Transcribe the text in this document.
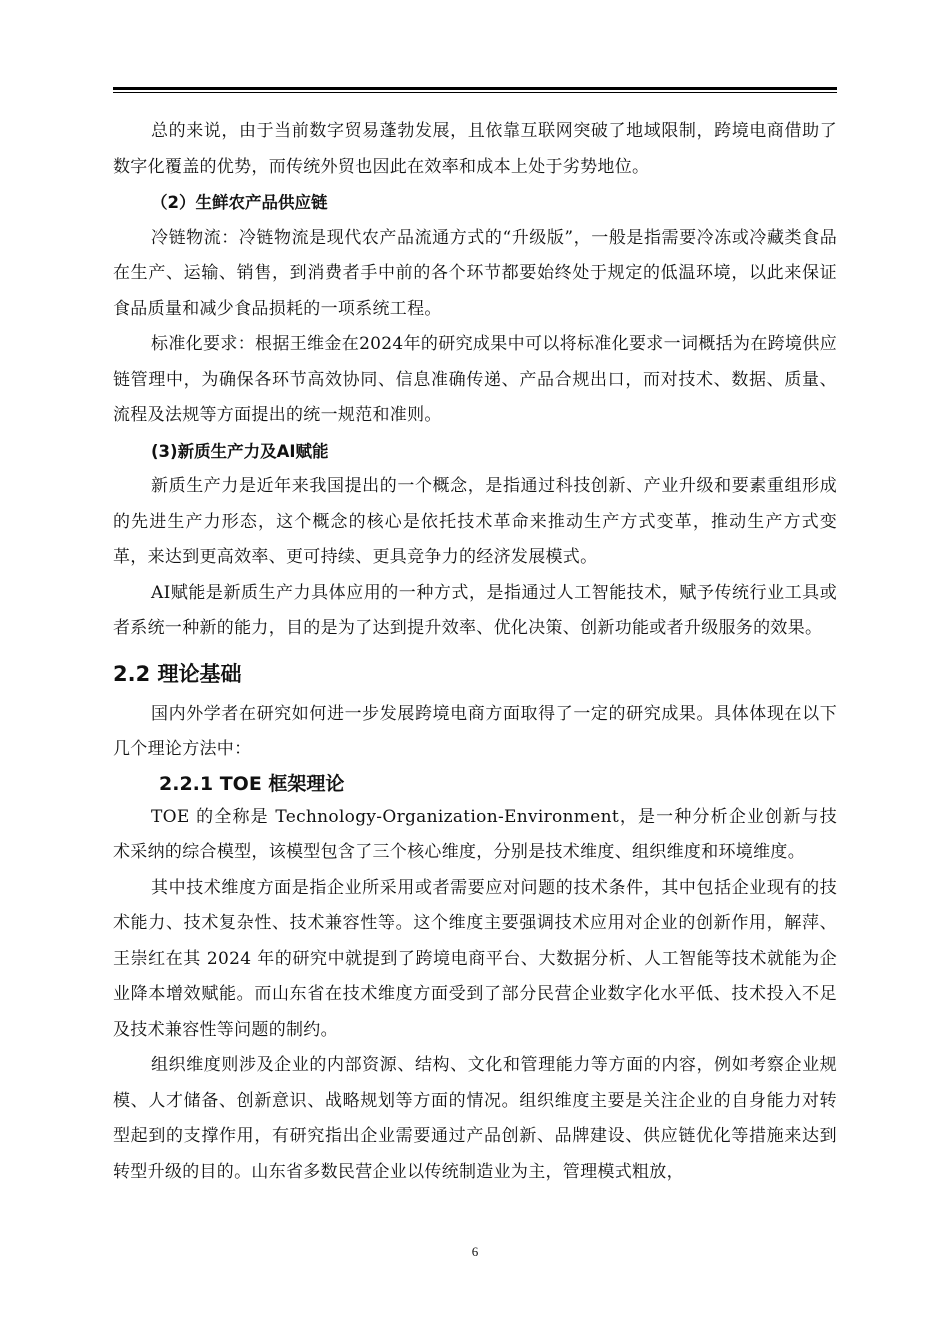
总的来说，由于当前数字贸易蓬勃发展，且依靠互联网突破了地域限制，跨境电商借助了数字化覆盖的优势，而传统外贸也因此在效率和成本上处于劣势地位。

（2）生鲜农产品供应链

冷链物流：冷链物流是现代农产品流通方式的“升级版”，一般是指需要冷冻或冷藏类食品在生产、运输、销售，到消费者手中前的各个环节都要始终处于规定的低温环境，以此来保证食品质量和减少食品损耗的一项系统工程。

标准化要求：根据王维金在2024年的研究成果中可以将标准化要求一词概括为在跨境供应链管理中，为确保各环节高效协同、信息准确传递、产品合规出口，而对技术、数据、质量、流程及法规等方面提出的统一规范和准则。

(3)新质生产力及AI赋能

新质生产力是近年来我国提出的一个概念，是指通过科技创新、产业升级和要素重组形成的先进生产力形态，这个概念的核心是依托技术革命来推动生产方式变革，推动生产方式变革，来达到更高效率、更可持续、更具竞争力的经济发展模式。

AI赋能是新质生产力具体应用的一种方式，是指通过人工智能技术，赋予传统行业工具或者系统一种新的能力，目的是为了达到提升效率、优化决策、创新功能或者升级服务的效果。

2.2 理论基础

国内外学者在研究如何进一步发展跨境电商方面取得了一定的研究成果。具体体现在以下几个理论方法中：

2.2.1 TOE 框架理论

TOE 的全称是 Technology-Organization-Environment，是一种分析企业创新与技术采纳的综合模型，该模型包含了三个核心维度，分别是技术维度、组织维度和环境维度。

其中技术维度方面是指企业所采用或者需要应对问题的技术条件，其中包括企业现有的技术能力、技术复杂性、技术兼容性等。这个维度主要强调技术应用对企业的创新作用，解萍、王崇红在其 2024 年的研究中就提到了跨境电商平台、大数据分析、人工智能等技术就能为企业降本增效赋能。而山东省在技术维度方面受到了部分民营企业数字化水平低、技术投入不足及技术兼容性等问题的制约。

组织维度则涉及企业的内部资源、结构、文化和管理能力等方面的内容，例如考察企业规模、人才储备、创新意识、战略规划等方面的情况。组织维度主要是关注企业的自身能力对转型起到的支撑作用，有研究指出企业需要通过产品创新、品牌建设、供应链优化等措施来达到转型升级的目的。山东省多数民营企业以传统制造业为主，管理模式粗放，

6
